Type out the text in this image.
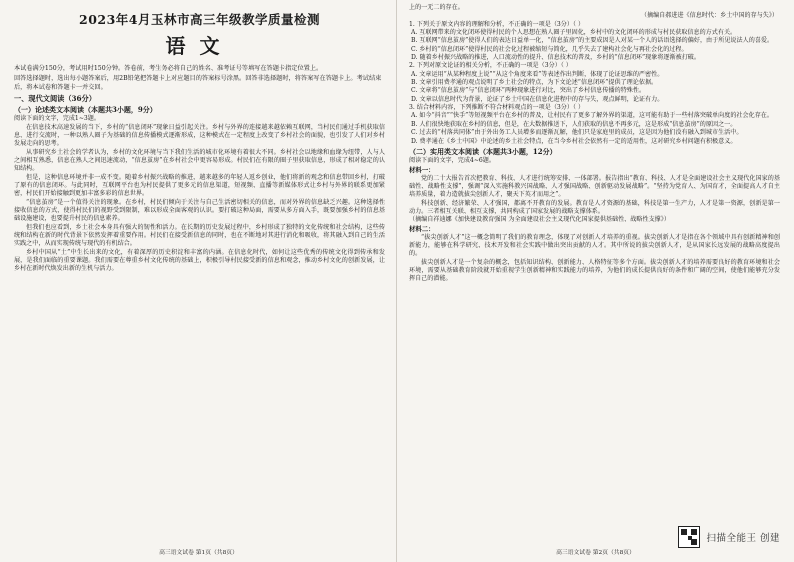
2023年4月玉林市高三年级教学质量检测
语文

本试卷满分150分，考试用时150分钟。答卷前，考生务必将自己的姓名、准考证号等填写在答题卡指定位置上。

回答选择题时，选出每小题答案后，用2B铅笔把答题卡上对应题目的答案标号涂黑。回答非选择题时，将答案写在答题卡上。考试结束后，将本试卷和答题卡一并交回。

一、现代文阅读（36分）
（一）论述类文本阅读（本题共3小题，9分）

阅读下面的文字，完成1~3题。

在信息技术高速发展的当下，乡村的“信息闭环”现象日益引起关注。乡村与外界的连接越来越依赖互联网，当村民们通过手机获取信息、进行交流时，一种以熟人圈子为基础的信息传播模式逐渐形成，这种模式在一定程度上改变了乡村社会的面貌，也引发了人们对乡村发展走向的思考。

从事研究乡土社会的学者认为，乡村的文化环境与当下我们生活的城市化环境有着很大不同。乡村社会以地缘和血缘为纽带，人与人之间相互熟悉，信息在熟人之间迅速流动，“信息茧房”在乡村社会中更容易形成。村民们在有限的圈子里获取信息，形成了相对稳定的认知结构。

但是，这种信息环境并非一成不变。随着乡村振兴战略的推进，越来越多的年轻人返乡创业，他们将新的观念和信息带回乡村，打破了原有的信息闭环。与此同时，互联网平台也为村民提供了更多元的信息渠道，短视频、直播等新媒体形式让乡村与外界的联系更加紧密，村民们开始接触到更加丰富多彩的信息世界。

“信息茧房”是一个值得关注的现象。在乡村，村民们倾向于关注与自己生活密切相关的信息，而对外界的信息缺乏兴趣。这种选择性接收信息的方式，使得村民们的视野受到限制，难以形成全面客观的认识。要打破这种局面，需要从多方面入手，既要加强乡村的信息基础设施建设，也要提升村民的信息素养。

但我们也应看到，乡土社会本身具有强大的韧性和活力。在长期的历史发展过程中，乡村形成了独特的文化传统和社会结构，这些传统和结构在新的时代背景下依然发挥着重要作用。村民们在接受新信息的同时，也在不断地对其进行消化和吸收，将其融入到自己的生活实践之中，从而实现传统与现代的有机结合。

乡村中国从“土”中生长出来的文化，有着深厚的历史积淀和丰富的内涵。在信息化时代，如何让这些优秀的传统文化得到传承和发展，是我们面临的重要课题。我们需要在尊重乡村文化传统的基础上，积极引导村民接受新的信息和观念，推动乡村文化的创新发展，让乡村在新时代焕发出新的生机与活力。

高三语文试卷 第1页（共8页）

上的一无二的存在。

（摘编自郝进进《信息时代：乡土中国的存与失》）

1. 下列关于原文内容的理解和分析，不正确的一项是（3分）（ ）

A. 互联网带来的文化闭环使得村民的个人思想在熟人圈子里固化，乡村中的文化闭环的形成与村民获取信息的方式有关。

B. 互联网“信息茧房”使得人们的表达日益单一化，“信息茧房”的主要成因是人对某一个人的话语选择的偏好，由于所见说法人的喜爱。

C. 乡村的“信息闭环”使得村民的社会化过程被缩短与简化，几乎失去了建构社会化与再社会化的过程。

D. 随着乡村振兴战略的推进，人口流动性的提升、信息技术的普及，乡村的“信息闭环”现象将逐渐被打破。

2. 下列对原文论证的相关分析，不正确的一项是（3分）（ ）

A. 文章运用“从某种程度上说”“从这个角度来看”等表述作出判断，体现了论证思维的严密性。

B. 文章引用费孝通的观点说明了乡土社会的特点，为下文论述“信息闭环”提供了理论依据。

C. 文章将“信息茧房”与“信息闭环”两种现象进行对比，突出了乡村信息传播的特殊性。

D. 文章以信息时代为背景，论证了乡土中国在信息化进程中的存与失，观点鲜明，论证有力。

3. 结合材料内容，下列推断不符合材料观点的一项是（3分）（ ）

A. 如今“抖音”“快手”等短视频平台在乡村的普及，让村民有了更多了解外界的渠道，这可能有助于一些村落突破单向度的社会化存在。

B. 人们很快地获取在乡村的信息，但是，在大数据推送下，人们获取的信息不再多元，这是形成“信息茧房”的原因之一。

C. 过去的“村落共同体”由于外出务工人员增多而逐渐瓦解，他们只是家庭里的成员，这是因为他们没有融入到城市生活中。

D. 费孝通在《乡土中国》中论述的乡土社会特点，在当今乡村社会依然有一定的适用性，这对研究乡村问题有积极意义。

（二）实用类文本阅读（本题共3小题，12分）

阅读下面的文字，完成4~6题。

材料一：

党的二十大报告首次把教育、科技、人才进行统筹安排、一体部署。报告指出“教育、科技、人才是全面建设社会主义现代化国家的基础性、战略性支撑”，强调“深入实施科教兴国战略、人才强国战略、创新驱动发展战略”。“坚持为党育人、为国育才，全面提高人才自主培养质量，着力造就拔尖创新人才，聚天下英才而用之”。

科技创新、经济繁荣、人才强国，都离不开教育的发展。教育是人才资源的基础，科技是第一生产力，人才是第一资源，创新是第一动力。三者相互关联、相互支撑，共同构成了国家发展的战略支撑体系。

（摘编自祥迪娜《加快建设教育强国 为全面建设社会主义现代化国家提供基础性、战略性支撑》）

材料二：

“拔尖创新人才”这一概念简明了我们的教育理念，体现了对创新人才培养的重视。拔尖创新人才是指在各个领域中具有创新精神和创新能力，能够在科学研究、技术开发和社会实践中做出突出贡献的人才。其中所说的拔尖创新人才，是从国家长远发展的战略高度提出的。

拔尖创新人才是一个复杂的概念，包括知识结构、创新能力、人格特征等多个方面。拔尖创新人才的培养需要良好的教育环境和社会环境，需要从基础教育阶段就开始重视学生创新精神和实践能力的培养，为他们的成长提供良好的条件和广阔的空间，使他们能够充分发挥自己的潜能。

高三语文试卷 第2页（共8页）
扫描全能王 创建
